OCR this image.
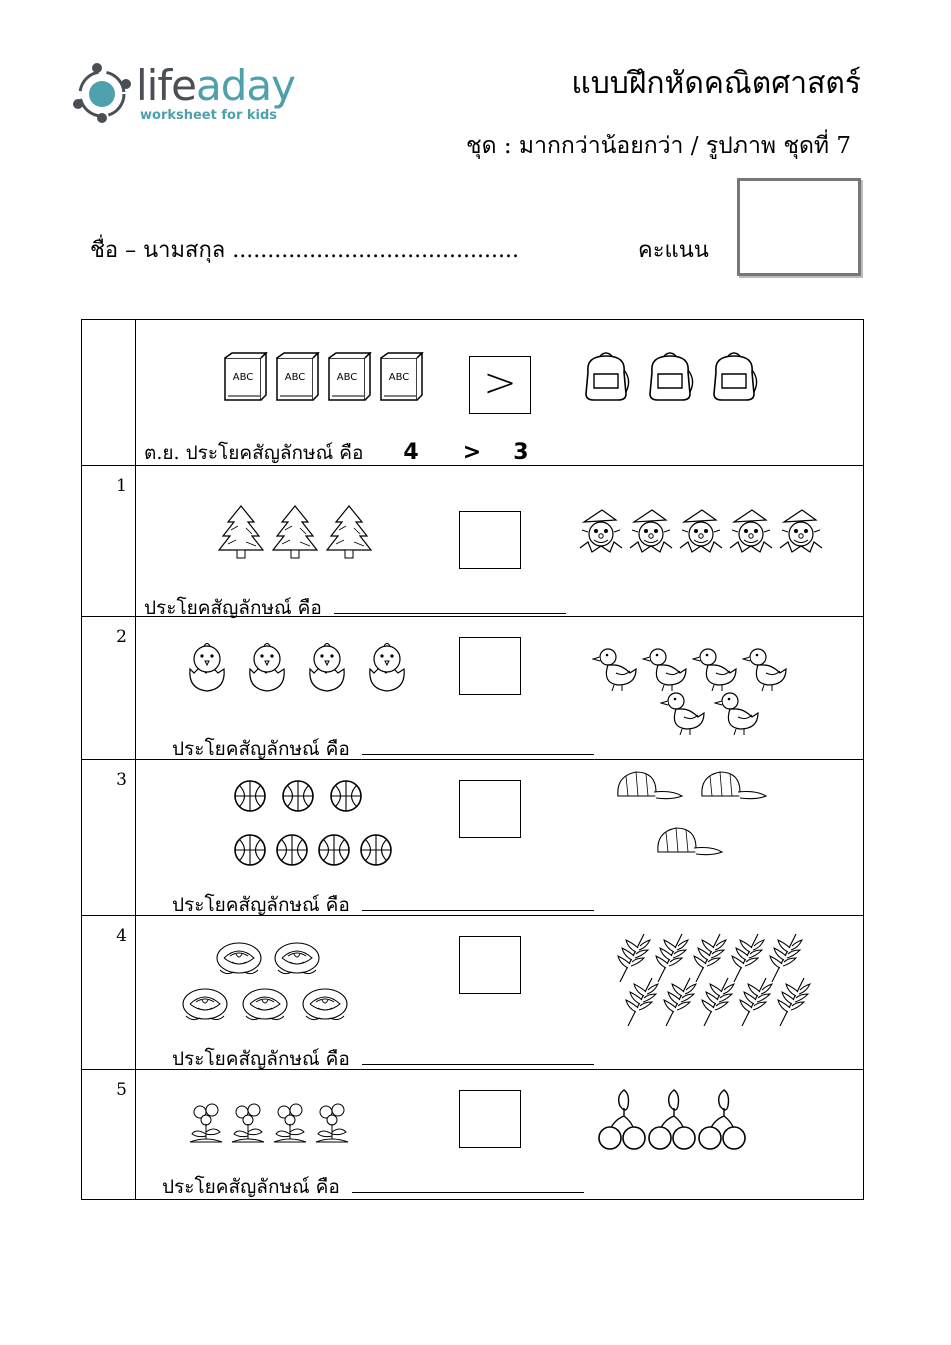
lifeaday
worksheet for kids
แบบฝึกหัดคณิตศาสตร์
ชุด : มากกว่าน้อยกว่า / รูปภาพ ชุดที่ 7
ชื่อ – นามสกุล .........................................	คะแนน

	>
ต.ย. ประโยคสัญลักษณ์ คือ 4 > 3

1	ประโยคสัญลักษณ์ คือ

2	ประโยคสัญลักษณ์ คือ

3	ประโยคสัญลักษณ์ คือ

4	ประโยคสัญลักษณ์ คือ

5	ประโยคสัญลักษณ์ คือ
